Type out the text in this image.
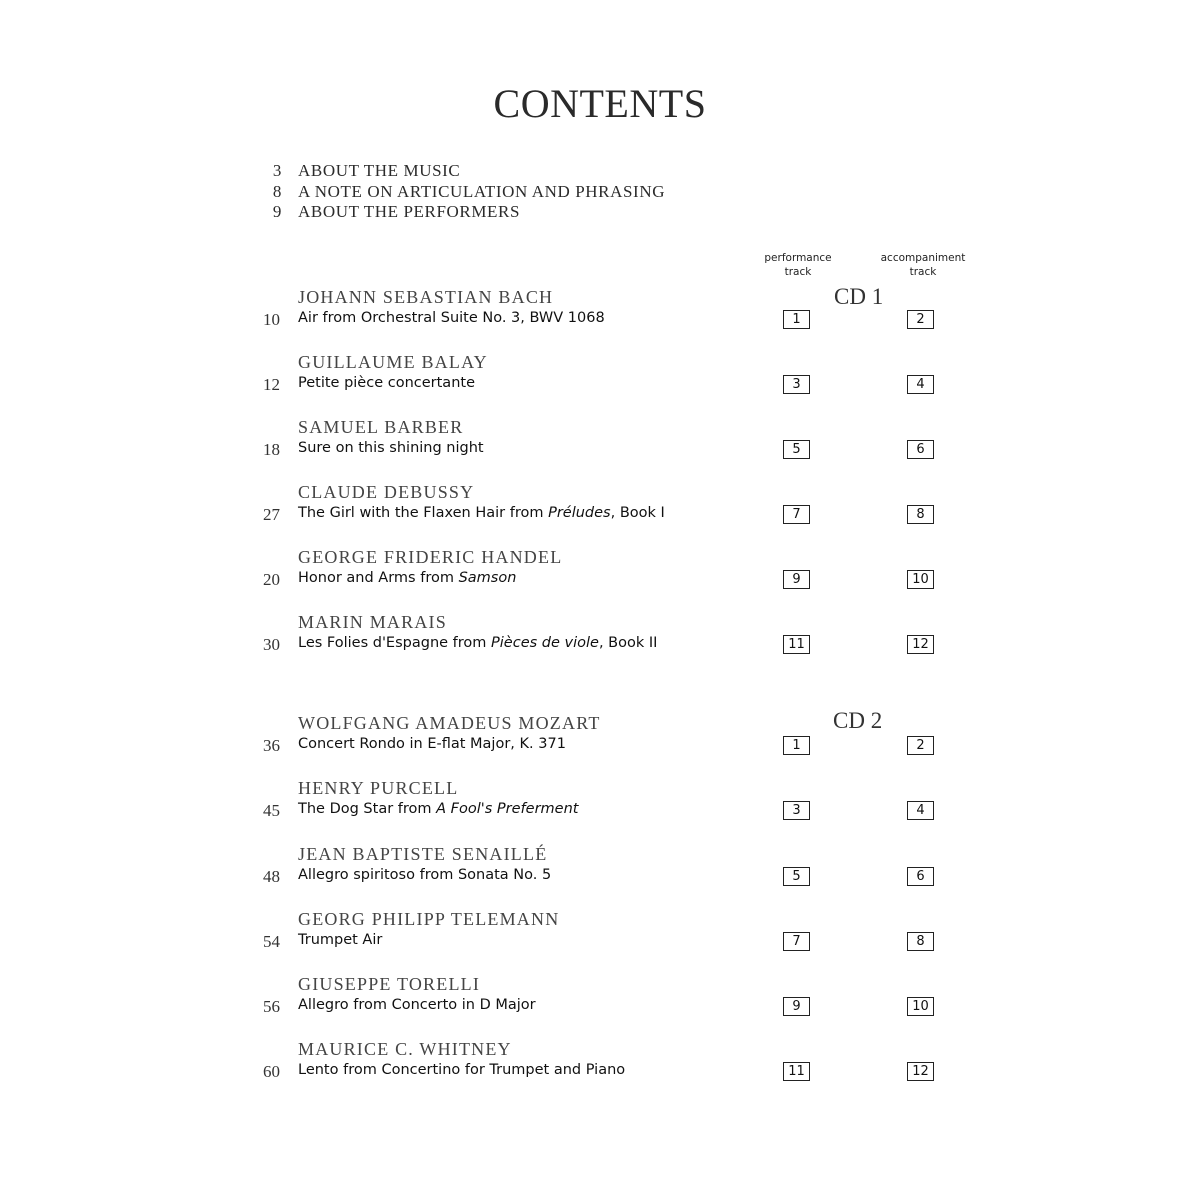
CONTENTS
3 ABOUT THE MUSIC
8 A NOTE ON ARTICULATION AND PHRASING
9 ABOUT THE PERFORMERS
performance track
accompaniment track
CD 1
CD 2
JOHANN SEBASTIAN BACH
10 Air from Orchestral Suite No. 3, BWV 1068	1	2
GUILLAUME BALAY
12 Petite pièce concertante	3	4
SAMUEL BARBER
18 Sure on this shining night	5	6
CLAUDE DEBUSSY
27 The Girl with the Flaxen Hair from Préludes, Book I	7	8
GEORGE FRIDERIC HANDEL
20 Honor and Arms from Samson	9	10
MARIN MARAIS
30 Les Folies d'Espagne from Pièces de viole, Book II	11	12
WOLFGANG AMADEUS MOZART
36 Concert Rondo in E-flat Major, K. 371	1	2
HENRY PURCELL
45 The Dog Star from A Fool's Preferment	3	4
JEAN BAPTISTE SENAILLÉ
48 Allegro spiritoso from Sonata No. 5	5	6
GEORG PHILIPP TELEMANN
54 Trumpet Air	7	8
GIUSEPPE TORELLI
56 Allegro from Concerto in D Major	9	10
MAURICE C. WHITNEY
60 Lento from Concertino for Trumpet and Piano	11	12
